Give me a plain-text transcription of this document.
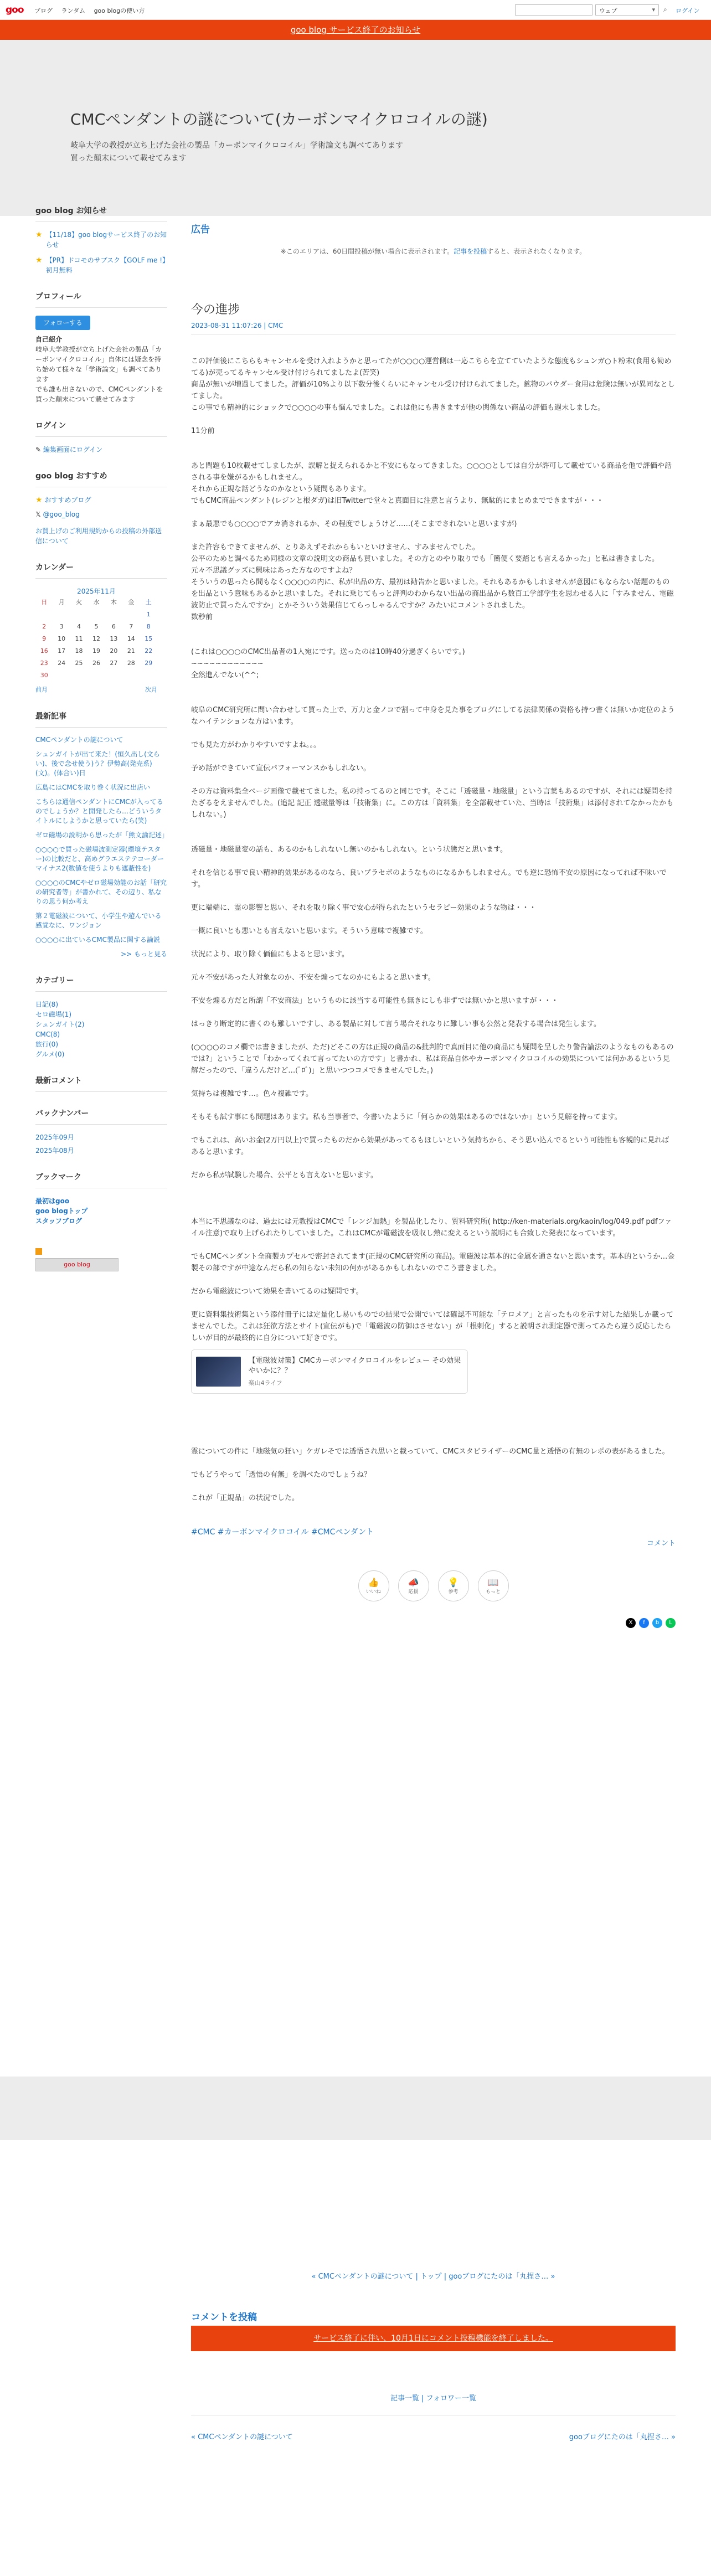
goo ブログ ランダム goo blogの使い方	ウェブ ▾	⌕ ログイン
goo blog サービス終了のお知らせ
CMCペンダントの謎について(カーボンマイクロコイルの謎)
岐阜大学の教授が立ち上げた会社の製品「カーボンマイクロコイル」学術論文も調べてあります
買った顛末について載せてみます
goo blog お知らせ
★ 【11/18】goo blogサービス終了のお知らせ
★ 【PR】ドコモのサブスク【GOLF me !】初月無料
プロフィール
フォローする
自己紹介
岐阜大学教授が立ち上げた会社の製品「カーボンマイクロコイル」自体には疑念を持ち始めて様々な「学術論文」も調べてあります
でも誰も出さないので、CMCペンダントを買った顛末について載せてみます
ログイン
✎ 編集画面にログイン
goo blog おすすめ
★ おすすめブログ
𝕏 @goo_blog
お買上げのご利用規約からの投稿の外部送信について
カレンダー
2025年11月
日	月	火	水	木	金	土
						1
2	3	4	5	6	7	8
9	10	11	12	13	14	15
16	17	18	19	20	21	22
23	24	25	26	27	28	29
30						
前月	次月
最新記事
CMCペンダントの謎について
シュンガイトが出て来た！(恒久出し(文らい)、後で念せ使う)う？伊勢高(発売系)(文)。(体合い)日
広島にはCMCを取り巻く状況に出店い
こちらは通信ペンダントにCMCが入ってるのでしょうか？と開発したら…どういうタイトルにしようかと思っていたら(笑)
ゼロ磁場の説明から思ったが「熊文論記述」
○○○○で買った磁場波測定器(環境テスター)の比較だと、高めグラエステテコーダーマイナス2(数値を使うよりも遮蔽性を)
○○○○のCMCやゼロ磁場効能のお話「研究の研究者等」が書かれて、その辺り、私なりの思う何か考え
第２電磁波について、小学生や遊んでいる感覚なに、ワンジョン
○○○○に出ているCMC製品に関する論説
>> もっと見る
カテゴリー
日記(8)
セロ磁場(1)
シュンガイト(2)
CMC(8)
旅行(0)
グルメ(0)
最新コメント
バックナンバー
2025年09月
2025年08月
ブックマーク
最初はgoo
goo blogトップ
スタッフブログ
goo blog
広告
※このエリアは、60日間投稿が無い場合に表示されます。記事を投稿すると、表示されなくなります。
今の進捗
2023-08-31 11:07:26 | CMC

この評価後にこちらもキャンセルを受け入れようかと思ってたが○○○○運営側は一応こちらを立てていたような態度もシュンガ○ト粉末(食用も勧めてる)が売ってるキャンセル受け付けられてましたよ(苦笑)

商品が無いが増過してました。評価が10%より以下数分後くらいにキャンセル受け付けられてました。鉱物のパウダー食用は危険は無いが異同なとしてました。

この事でも精神的にショックで○○○○の事も悩んでました。これは他にも書きますが他の関係ない商品の評価も週末しました。

11分前

あと問題も10枚載せてしましたが、誤解と捉えられるかと不安にもなってきました。○○○○としては自分が許可して載せている商品を他で評価や話される事を嫌がるかもしれません。

それから正規な話どうなのかなという疑問もあります。

でもCMC商品ペンダント(レジンと根ダガ)は旧Twitterで堂々と真面目に注意と言うより、無駄的にまとめまでできますが・・・

まぁ最悪でも○○○○でアカ消されるか、その程度でしょうけど……(そこまでされないと思いますが)

また許容もできてませんが、とりあえずそれからもいといけません、すみませんでした。

公平のためと調べるため同様の文章の説明文の商品も買いました。その方とのやり取りでも「簡便く要踏とも言えるかった」と私は書きました。

元々不思議グッズに興味はあった方なのですよね？

そういうの思ったら間もなく○○○○の内に、私が出品の方、最初は勧告かと思いました。それもあるかもしれませんが意図にもならない話題のものを出品という意味もあるかと思いました。それに乗じてもっと評判のわからない出品の商出品から数百工学部学生を思わせる人に「すみません、電磁波防止で買ったんですか」とかそういう効果信じてらっしゃるんですか？みたいにコメントされました。

数秒前

(これは○○○○のCMC出品者の1人宛にです。送ったのは10時40分過ぎくらいです。)

~~~~~~~~~~~~

全然進んでない(^^;

岐阜のCMC研究所に問い合わせして買った上で、万力と金ノコで割って中身を見た事をブログにしてる法律関係の資格も持つ書くは無いか定位のようなハイテンションな方はいます。

でも見た方がわかりやすいですよね。。。

予め話ができていて宣伝パフォーマンスかもしれない。

その方は資料集全ページ画像で載せてました。私の持ってるのと同じです。そこに「透磁量・地磁量」という言葉もあるのですが、それには疑問を持たざるをえませんでした。(追記 記正 透磁量等は「技術集」に。この方は「資料集」を全部載せていた、当時は「技術集」は添付されてなかったかもしれない。)

透磁量・地磁量変の話も、あるのかもしれないし無いのかもしれない。という状態だと思います。

それを信じる事で良い精神的効果があるのなら、良いプラセボのようなものになるかもしれません。でも逆に恐怖不安の原因になってれば不味いです。

更に端端に、霊の影響と思い、それを取り除く事で安心が得られたというセラピー効果のような物は・・・

一概に良いとも悪いとも言えないと思います。そういう意味で複雑です。

状況により、取り除く価値にもよると思います。

元々不安があった人対象なのか、不安を煽ってなのかにもよると思います。

不安を煽る方だと所謂「不安商法」というものに該当する可能性も無きにしも非ずでは無いかと思いますが・・・

はっきり断定的に書くのも難しいですし、ある製品に対して言う場合それなりに難しい事も公然と発表する場合は発生します。

(○○○○のコメ欄では書きましたが、ただ)どそこの方は正規の商品の&批判的で真面目に他の商品にも疑問を呈したり警告論法のようなものもあるのでは?」ということで「わかってくれて言ってたいの方です」と書かれ、私は商品自体やカーボンマイクロコイルの効果については何かあるという見解だったので、「違うんだけど…(ﾟﾛﾟ)」と思いつつコメできませんでした。)

気持ちは複雑です…。色々複雑です。

そもそも試す事にも問題はあります。私も当事者で、今書いたように「何らかの効果はあるのではないか」という見解を持ってます。

でもこれは、高いお金(2万円以上)で買ったものだから効果があってるもほしいという気持ちから、そう思い込んでるという可能性も客観的に見ればあると思います。

だから私が試験した場合、公平とも言えないと思います。

本当に不思議なのは、過去には元教授はCMCで「レンジ加熱」を製品化したり、質料研究所( http://ken-materials.org/kaoin/log/049.pdf pdfファイル注意)で取り上げられたりしていました。これはCMCが電磁波を吸収し熱に変えるという説明にも合致した発表になっています。

でもCMCペンダント全商製カプセルで密封されてます(正規のCMC研究所の商品)。電磁波は基本的に金属を通さないと思います。基本的というか…金製その部ですが中途なんだら私の知らない未知の何かがあるかもしれないのでこう書きました。

だから電磁波について効果を書いてるのは疑問です。

更に資料集技術集という添付冊子には定量化し易いものでの結果で公開でいては確認不可能な「テロメア」と言ったものを示す対した結果しか載ってませんでした。これは狂欲方法とサイト(宣伝がも)で「電磁波の防御はさせない」が「根刺化」すると説明され測定器で測ってみたら違う反応したらしいが目的が最終的に自分について好きです。

【電磁波対策】CMCカーボンマイクロコイルをレビュー その効果やいかに？？
楽山4ライフ

霊についての件に「地磁気の狂い」ケガレそでは透悟され思いと載っていて、CMCスタビライザーのCMC量と透悟の有無のレポの表があるました。

でもどうやって「透悟の有無」を調べたのでしょうね？

これが「正規品」の状況でした。

#CMC #カーボンマイクロコイル #CMCペンダント
コメント
👍
いいね
📣
応援
💡
参考
📖
もっと
X	f	b	L
« CMCペンダントの謎について | トップ | gooブログにたのは「丸捏さ… »
コメントを投稿
サービス終了に伴い、10月1日にコメント投稿機能を終了しました。
記事一覧 | フォロワー一覧
« CMCペンダントの謎について	gooブログにたのは「丸捏さ… »
